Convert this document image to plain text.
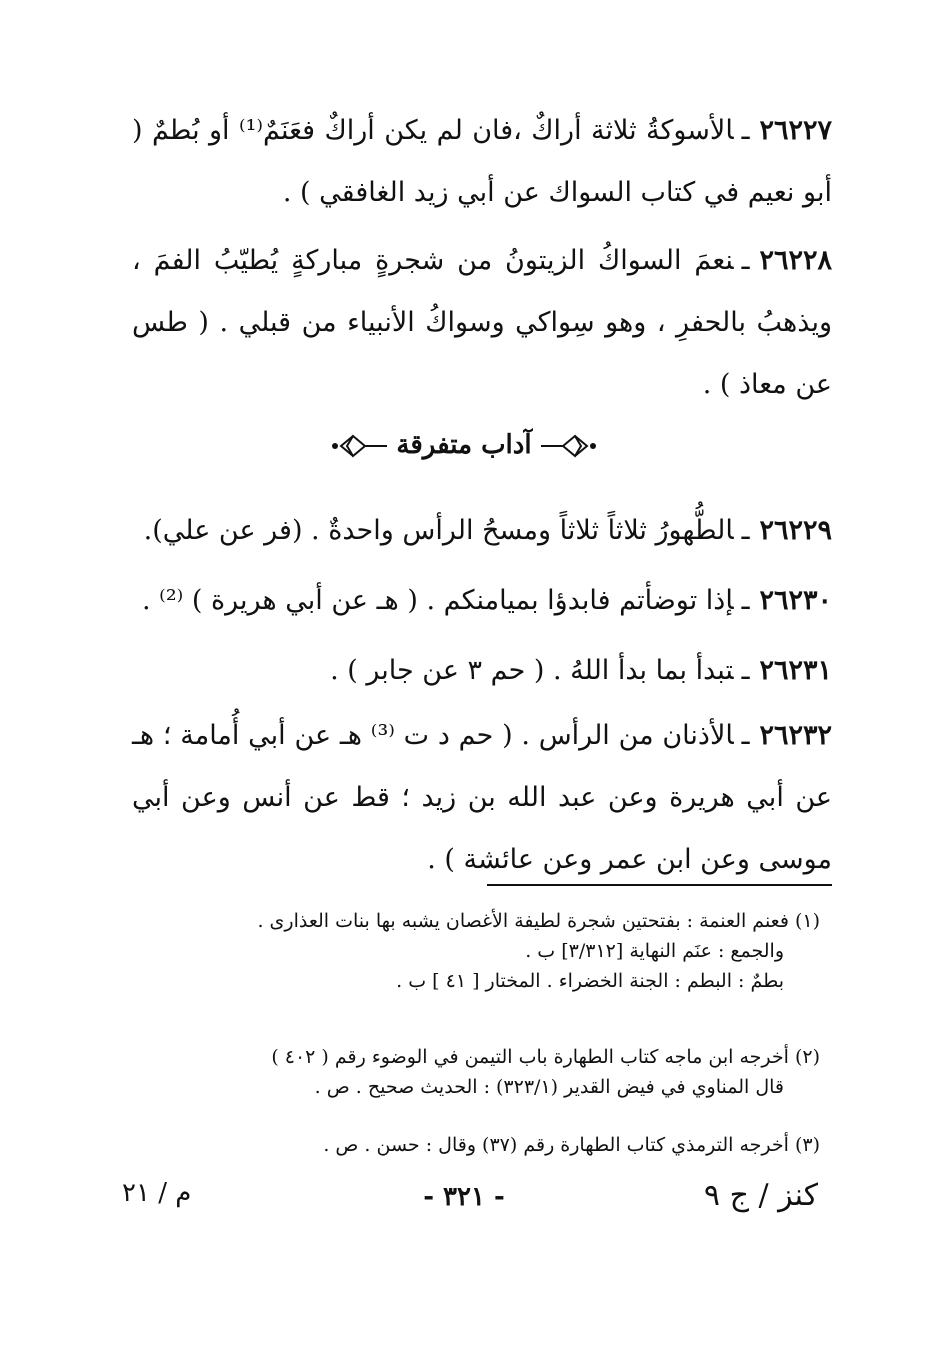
٢٦٢٢٧ـالأسوكةُ ثلاثة أراكٌ ،فان لم يكن أراكٌ فعَنَمٌ⁽¹⁾ أو بُطمٌ ( أبو نعيم في كتاب السواك عن أبي زيد الغافقي ) .

٢٦٢٢٨ـنعمَ السواكُ الزيتونُ من شجرةٍ مباركةٍ يُطيّبُ الفمَ ، ويذهبُ بالحفرِ ، وهو سِواكي وسواكُ الأنبياء من قبلي . ( طس عن معاذ ) .

آداب متفرقة

٢٦٢٢٩ـالطُّهورُ ثلاثاً ثلاثاً ومسحُ الرأس واحدةٌ . (فر عن علي).

٢٦٢٣٠ـإذا توضأتم فابدؤا بميامنكم . ( هـ عن أبي هريرة ) ⁽²⁾ .

٢٦٢٣١ـتبدأ بما بدأ اللهُ . ( حم ٣ عن جابر ) .

٢٦٢٣٢ـالأذنان من الرأس . ( حم د ت ⁽³⁾ هـ عن أبي أُمامة ؛ هـ عن أبي هريرة وعن عبد الله بن زيد ؛ قط عن أنس وعن أبي موسى وعن ابن عمر وعن عائشة ) .

(١)فعنم العنمة : بفتحتين شجرة لطيفة الأغصان يشبه بها بنات العذارى .
والجمع : عنَم النهاية [٣/٣١٢] ب .
بطمٌ : البطم : الجنة الخضراء . المختار [ ٤١ ] ب .
(٢)أخرجه ابن ماجه كتاب الطهارة باب التيمن في الوضوء رقم ( ٤٠٢ )
قال المناوي في فيض القدير (٣٢٣/١) : الحديث صحيح . ص .
(٣)أخرجه الترمذي كتاب الطهارة رقم (٣٧) وقال : حسن . ص .
كنز / ج ٩
- ٣٢١ -
م / ٢١
